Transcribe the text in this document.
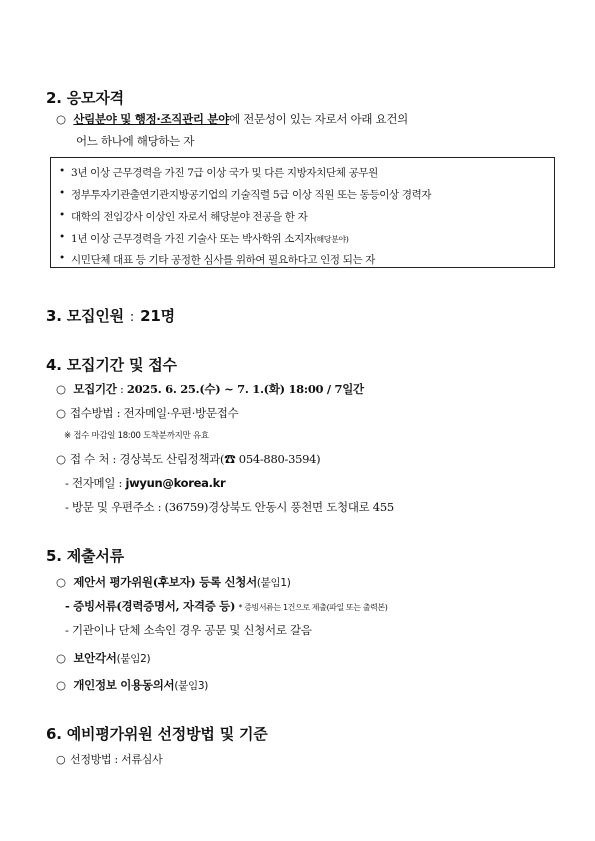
2. 응모자격
○ 산림분야 및 행정·조직관리 분야에 전문성이 있는 자로서 아래 요건의
어느 하나에 해당하는 자
• 3년 이상 근무경력을 가진 7급 이상 국가 및 다른 지방자치단체 공무원
• 정부투자기관출연기관지방공기업의 기술직렬 5급 이상 직원 또는 동등이상 경력자
• 대학의 전임강사 이상인 자로서 해당분야 전공을 한 자
• 1년 이상 근무경력을 가진 기술사 또는 박사학위 소지자(해당분야)
• 시민단체 대표 등 기타 공정한 심사를 위하여 필요하다고 인정 되는 자
3. 모집인원 : 21명
4. 모집기간 및 접수
○ 모집기간 : 2025. 6. 25.(수) ~ 7. 1.(화) 18:00 / 7일간
○ 접수방법 : 전자메일·우편·방문접수
※ 접수 마감일 18:00 도착분까지만 유효
○ 접 수 처 : 경상북도 산림정책과(☎ 054-880-3594)
- 전자메일 : jwyun@korea.kr
- 방문 및 우편주소 : (36759)경상북도 안동시 풍천면 도청대로 455
5. 제출서류
○ 제안서 평가위원(후보자) 등록 신청서(붙임1)
- 증빙서류(경력증명서, 자격증 등) * 증빙서류는 1건으로 제출(파일 또는 출력본)
- 기관이나 단체 소속인 경우 공문 및 신청서로 갈음
○ 보안각서(붙임2)
○ 개인정보 이용동의서(붙임3)
6. 예비평가위원 선정방법 및 기준
○ 선정방법 : 서류심사
